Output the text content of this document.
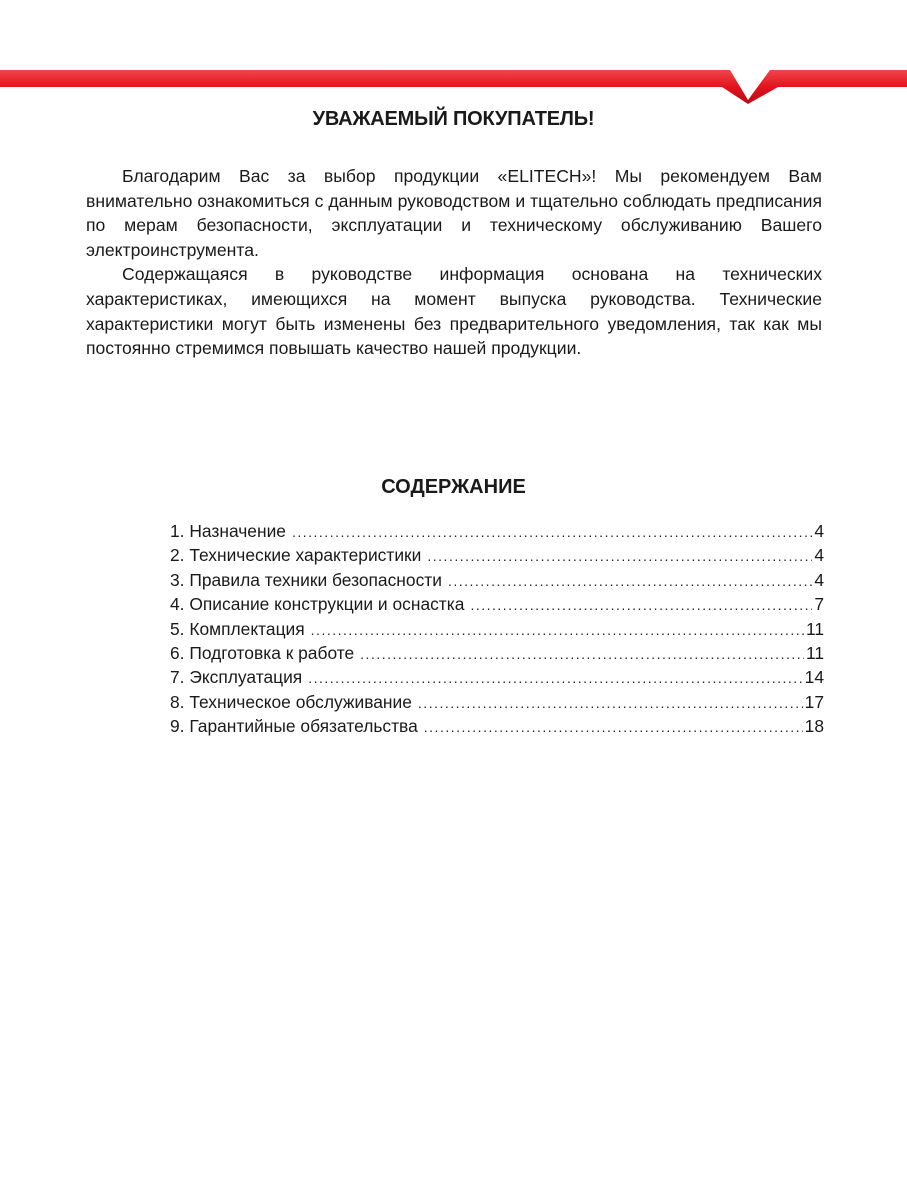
УВАЖАЕМЫЙ ПОКУПАТЕЛЬ!

Благодарим Вас за выбор продукции «ELITECH»! Мы рекомендуем Вам внимательно ознакомиться с данным руководством и тщательно соблюдать предписания по мерам безопасности, эксплуатации и техническому обслуживанию Вашего электроинструмента.

Содержащаяся в руководстве информация основана на технических характеристиках, имеющихся на момент выпуска руководства. Технические характеристики могут быть изменены без предварительного уведомления, так как мы постоянно стремимся повышать качество нашей продукции.

СОДЕРЖАНИЕ
1. Назначение .....	4
2. Технические характеристики .....	4
3. Правила техники безопасности .....	4
4. Описание конструкции и оснастка .....	7
5. Комплектация .....	11
6. Подготовка к работе .....	11
7. Эксплуатация .....	14
8. Техническое обслуживание .....	17
9. Гарантийные обязательства .....	18
